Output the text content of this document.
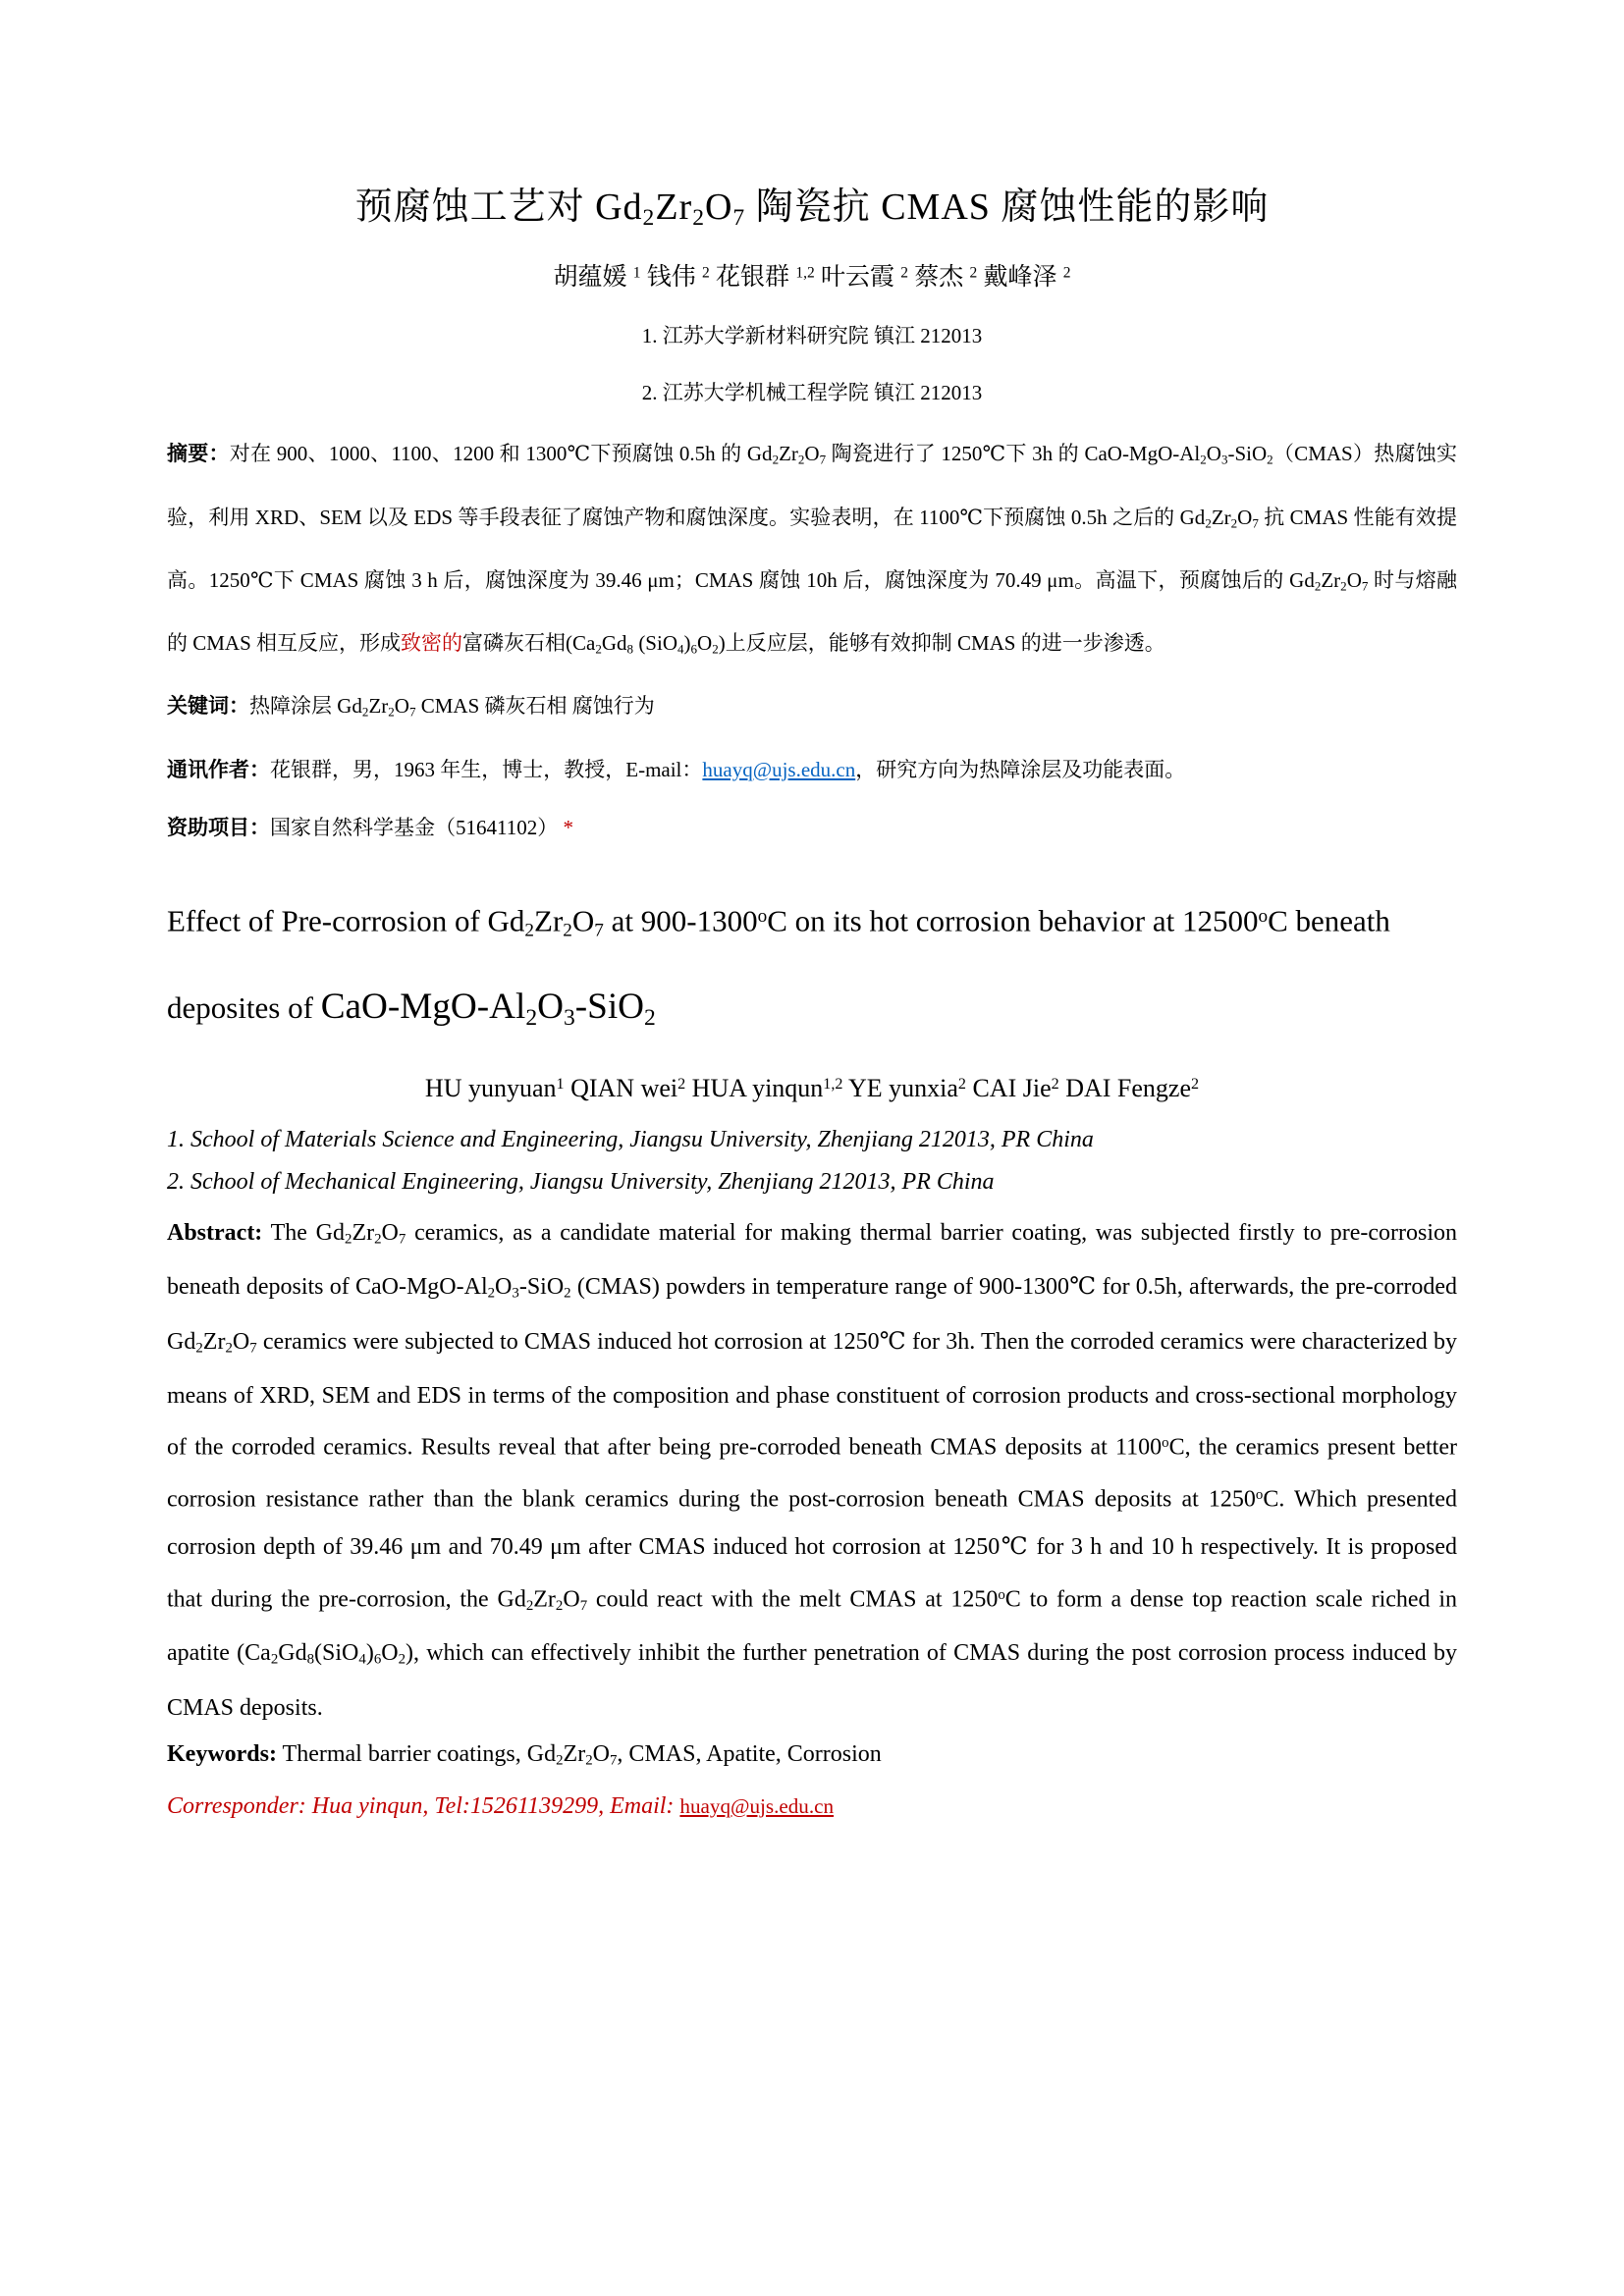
预腐蚀工艺对 $Gd_2Zr_2O_7$ 陶瓷抗 CMAS 腐蚀性能的影响

胡蕴媛 $^1$ 钱伟 $^2$ 花银群 $^{1,2}$ 叶云霞 $^2$ 蔡杰 $^2$ 戴峰泽 $^2$

1. 江苏大学新材料研究院 镇江 212013

2. 江苏大学机械工程学院 镇江 212013

摘要：对在 900、1000、1100、1200 和 1300℃下预腐蚀 0.5h 的 $Gd_2Zr_2O_7$ 陶瓷进行了 1250℃下 3h 的 CaO-$MgO-Al_2O_3-SiO_2(CMAS)$热腐蚀实验，利用 XRD、SEM 以及 EDS 等手段表征了腐蚀产物和腐蚀深度。实验表明，在 1100℃下预腐蚀 0.5h 之后的 $Gd_2Zr_2O_7$ 抗 CMAS 性能有效提高。1250℃下 CMAS 腐蚀 3 h 后，腐蚀深度为 39.46 μm；CMAS 腐蚀 10h 后，腐蚀深度为 70.49 μm。高温下，预腐蚀后的 $Gd_2Zr_2O_7$ 时与熔融的 CMAS 相互反应，形成致密的富磷灰石相($Ca_2Gd_8$ $(SiO_4)_6O_2$)上反应层，能够有效抑制 CMAS 的进一步渗透。

关键词：热障涂层 $Gd_2Zr_2O_7$ CMAS 磷灰石相 腐蚀行为

通讯作者：花银群，男，1963 年生，博士，教授，E-mail：huayq@ujs.edu.cn，研究方向为热障涂层及功能表面。

资助项目：国家自然科学基金（51641102） *

Effect of Pre-corrosion of $Gd_2Zr_2O_7$ at 900-1300$^o$C on its hot corrosion behavior at 12500$^o$C beneath deposites of CaO-$MgO-Al_2O_3-SiO_2$

HU yunyuan$^1$ QIAN wei$^2$ HUA yinqun$^{1,2}$ YE yunxia$^2$ CAI Jie$^2$ DAI Fengze$^2$

1. School of Materials Science and Engineering, Jiangsu University, Zhenjiang 212013, PR China

2. School of Mechanical Engineering, Jiangsu University, Zhenjiang 212013, PR China

Abstract: The $Gd_2Zr_2O_7$ ceramics, as a candidate material for making thermal barrier coating, was subjected firstly to pre-corrosion beneath deposits of CaO-$MgO-Al_2O_3-SiO_2$ (CMAS) powders in temperature range of 900-1300℃ for 0.5h, afterwards, the pre-corroded $Gd_2Zr_2O_7$ ceramics were subjected to CMAS induced hot corrosion at 1250℃ for 3h. Then the corroded ceramics were characterized by means of XRD, SEM and EDS in terms of the composition and phase constituent of corrosion products and cross-sectional morphology of the corroded ceramics. Results reveal that after being pre-corroded beneath CMAS deposits at 1100$^o$C, the ceramics present better corrosion resistance rather than the blank ceramics during the post-corrosion beneath CMAS deposits at 1250$^o$C. Which presented corrosion depth of 39.46 μm and 70.49 μm after CMAS induced hot corrosion at 1250℃ for 3 h and 10 h respectively. It is proposed that during the pre-corrosion, the $Gd_2Zr_2O_7$ could react with the melt CMAS at 1250$^o$C to form a dense top reaction scale riched in apatite $(Ca_2Gd_8(SiO_4)_6O_2)$, which can effectively inhibit the further penetration of CMAS during the post corrosion process induced by CMAS deposits.

Keywords: Thermal barrier coatings, $Gd_2Zr_2O_7$, CMAS, Apatite, Corrosion

Corresponder: Hua yinqun, Tel:15261139299, Email: huayq@ujs.edu.cn
